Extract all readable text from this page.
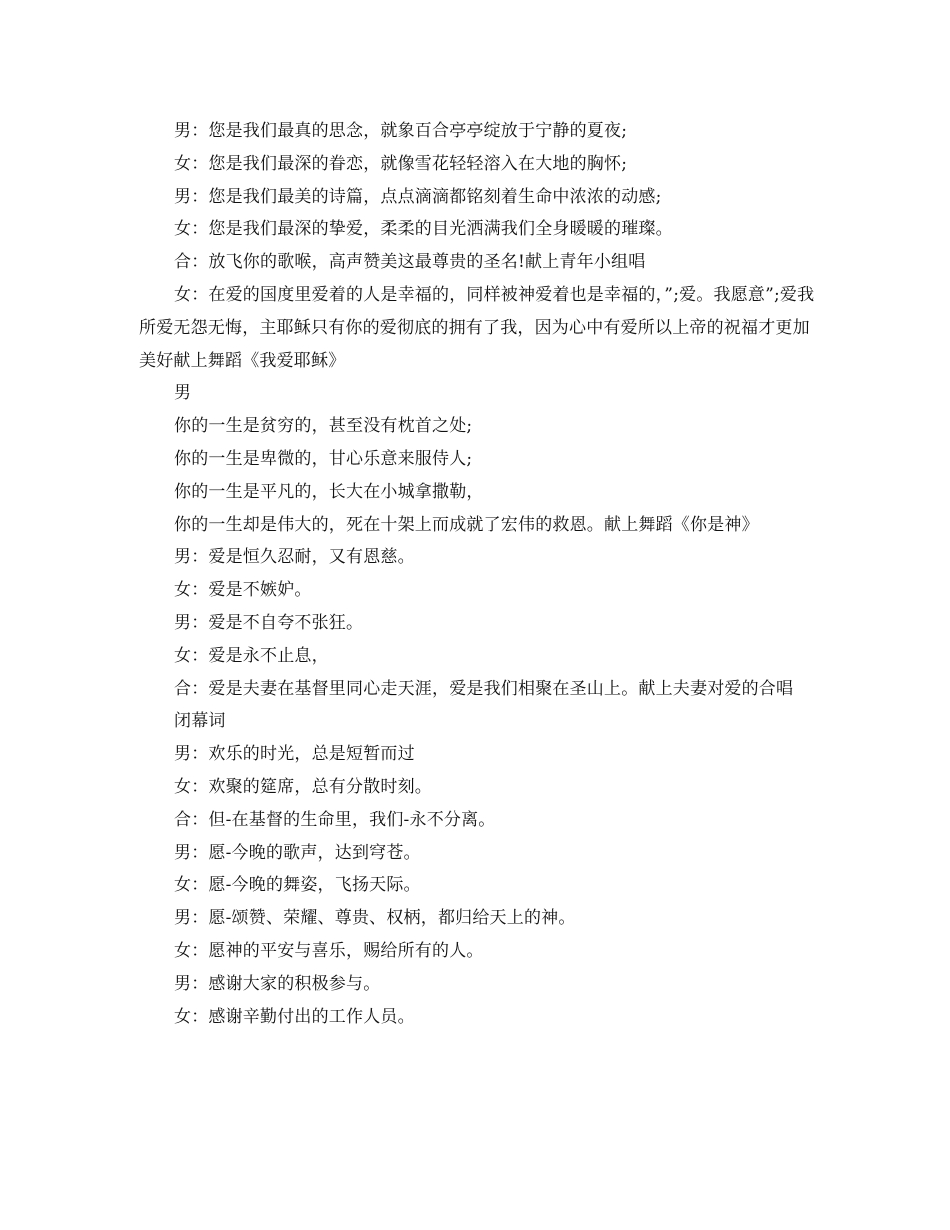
男：您是我们最真的思念，就象百合亭亭绽放于宁静的夏夜;

女：您是我们最深的眷恋，就像雪花轻轻溶入在大地的胸怀;

男：您是我们最美的诗篇，点点滴滴都铭刻着生命中浓浓的动感;

女：您是我们最深的挚爱，柔柔的目光洒满我们全身暖暖的璀璨。

合：放飞你的歌喉，高声赞美这最尊贵的圣名!献上青年小组唱

女：在爱的国度里爱着的人是幸福的，同样被神爱着也是幸福的，”;爱。我愿意”;爱我所爱无怨无悔，主耶稣只有你的爱彻底的拥有了我，因为心中有爱所以上帝的祝福才更加美好献上舞蹈《我爱耶稣》

男

你的一生是贫穷的，甚至没有枕首之处;

你的一生是卑微的，甘心乐意来服侍人;

你的一生是平凡的，长大在小城拿撒勒，

你的一生却是伟大的，死在十架上而成就了宏伟的救恩。献上舞蹈《你是神》

男：爱是恒久忍耐，又有恩慈。

女：爱是不嫉妒。

男：爱是不自夸不张狂。

女：爱是永不止息，

合：爱是夫妻在基督里同心走天涯，爱是我们相聚在圣山上。献上夫妻对爱的合唱

闭幕词

男：欢乐的时光，总是短暂而过

女：欢聚的筵席，总有分散时刻。

合：但-在基督的生命里，我们-永不分离。

男：愿-今晚的歌声，达到穹苍。

女：愿-今晚的舞姿，飞扬天际。

男：愿-颂赞、荣耀、尊贵、权柄，都归给天上的神。

女：愿神的平安与喜乐，赐给所有的人。

男：感谢大家的积极参与。

女：感谢辛勤付出的工作人员。
